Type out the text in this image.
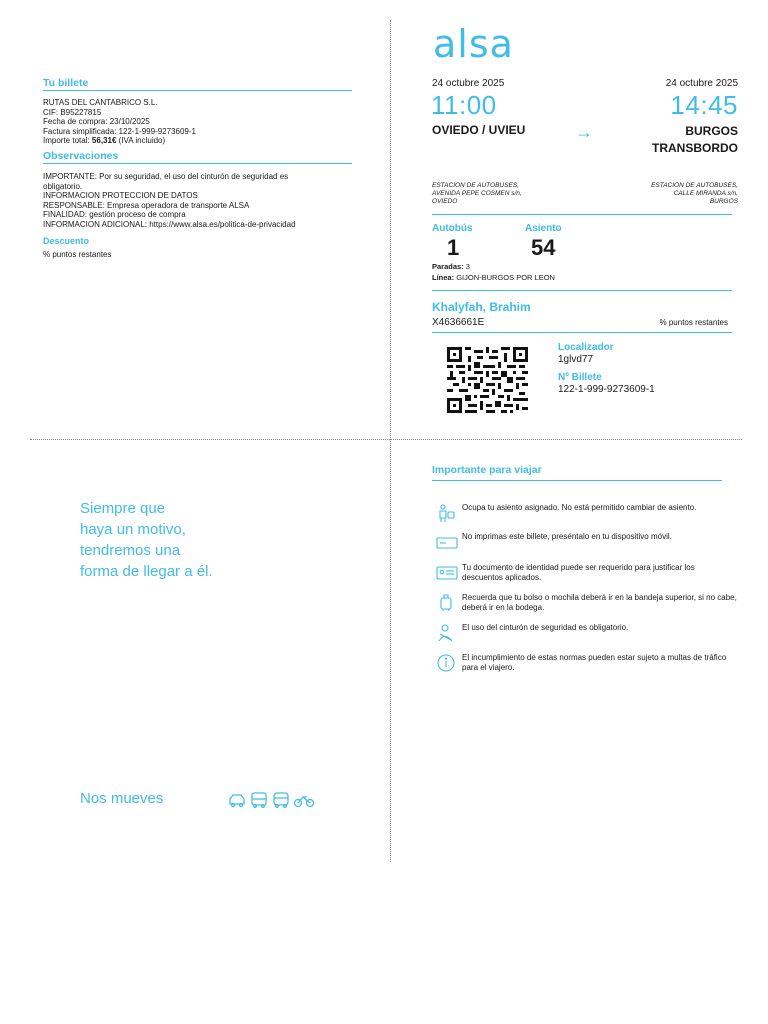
Tu billete
RUTAS DEL CANTABRICO S.L.
CIF: B95227815
Fecha de compra: 23/10/2025
Factura simplificada: 122-1-999-9273609-1
Importe total: 56,31€ (IVA incluido)
Observaciones
IMPORTANTE: Por su seguridad, el uso del cinturón de seguridad es
obligatorio.
INFORMACION PROTECCION DE DATOS
RESPONSABLE: Empresa operadora de transporte ALSA
FINALIDAD: gestión proceso de compra
INFORMACION ADICIONAL: https://www.alsa.es/politica-de-privacidad
Descuento
% puntos restantes
alsa
24 octubre 2025	24 octubre 2025
11:00	14:45
OVIEDO / UVIEU	→	BURGOS
TRANSBORDO
ESTACION DE AUTOBUSES,
AVENIDA PEPE COSMEN s/n,
OVIEDO
ESTACION DE AUTOBUSES,
CALLE MIRANDA s/n,
BURGOS
Autobús
1
Asiento
54
Paradas: 3
Línea: GIJON-BURGOS POR LEON
Khalyfah, Brahim
X4636661E	% puntos restantes
Localizador
1glvd77
Nº Billete
122-1-999-9273609-1
Siempre que
haya un motivo,
tendremos una
forma de llegar a él.
Nos mueves
Importante para viajar
Ocupa tu asiento asignado. No está permitido cambiar de asiento.
No imprimas este billete, preséntalo en tu dispositivo móvil.
Tu documento de identidad puede ser requerido para justificar los descuentos aplicados.
Recuerda que tu bolso o mochila deberá ir en la bandeja superior, si no cabe, deberá ir en la bodega.
El uso del cinturón de seguridad es obligatorio.
El incumplimiento de estas normas pueden estar sujeto a multas de tráfico para el viajero.
